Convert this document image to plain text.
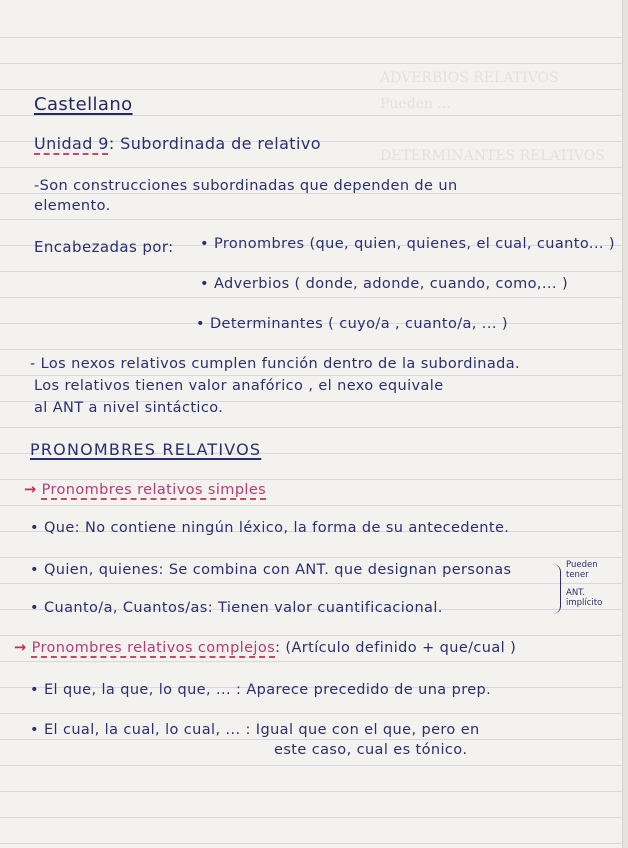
ADVERBIOS RELATIVOS
Pueden ...
DETERMINANTES RELATIVOS
Castellano
Unidad 9: Subordinada de relativo
-Son construcciones subordinadas que dependen de un
elemento.
Encabezadas por: • Pronombres (que, quien, quienes, el cual, cuanto... )
• Adverbios ( donde, adonde, cuando, como,... )
• Determinantes ( cuyo/a , cuanto/a, ... )
- Los nexos relativos cumplen función dentro de la subordinada.
Los relativos tienen valor anafórico , el nexo equivale
al ANT a nivel sintáctico.
PRONOMBRES RELATIVOS
→ Pronombres relativos simples
• Que: No contiene ningún léxico, la forma de su antecedente.
• Quien, quienes: Se combina con ANT. que designan personas
• Cuanto/a, Cuantos/as: Tienen valor cuantificacional.
Pueden
tener
ANT.
implícito
→ Pronombres relativos complejos: (Artículo definido + que/cual )
• El que, la que, lo que, ... : Aparece precedido de una prep.
• El cual, la cual, lo cual, ... : Igual que con el que, pero en
este caso, cual es tónico.
